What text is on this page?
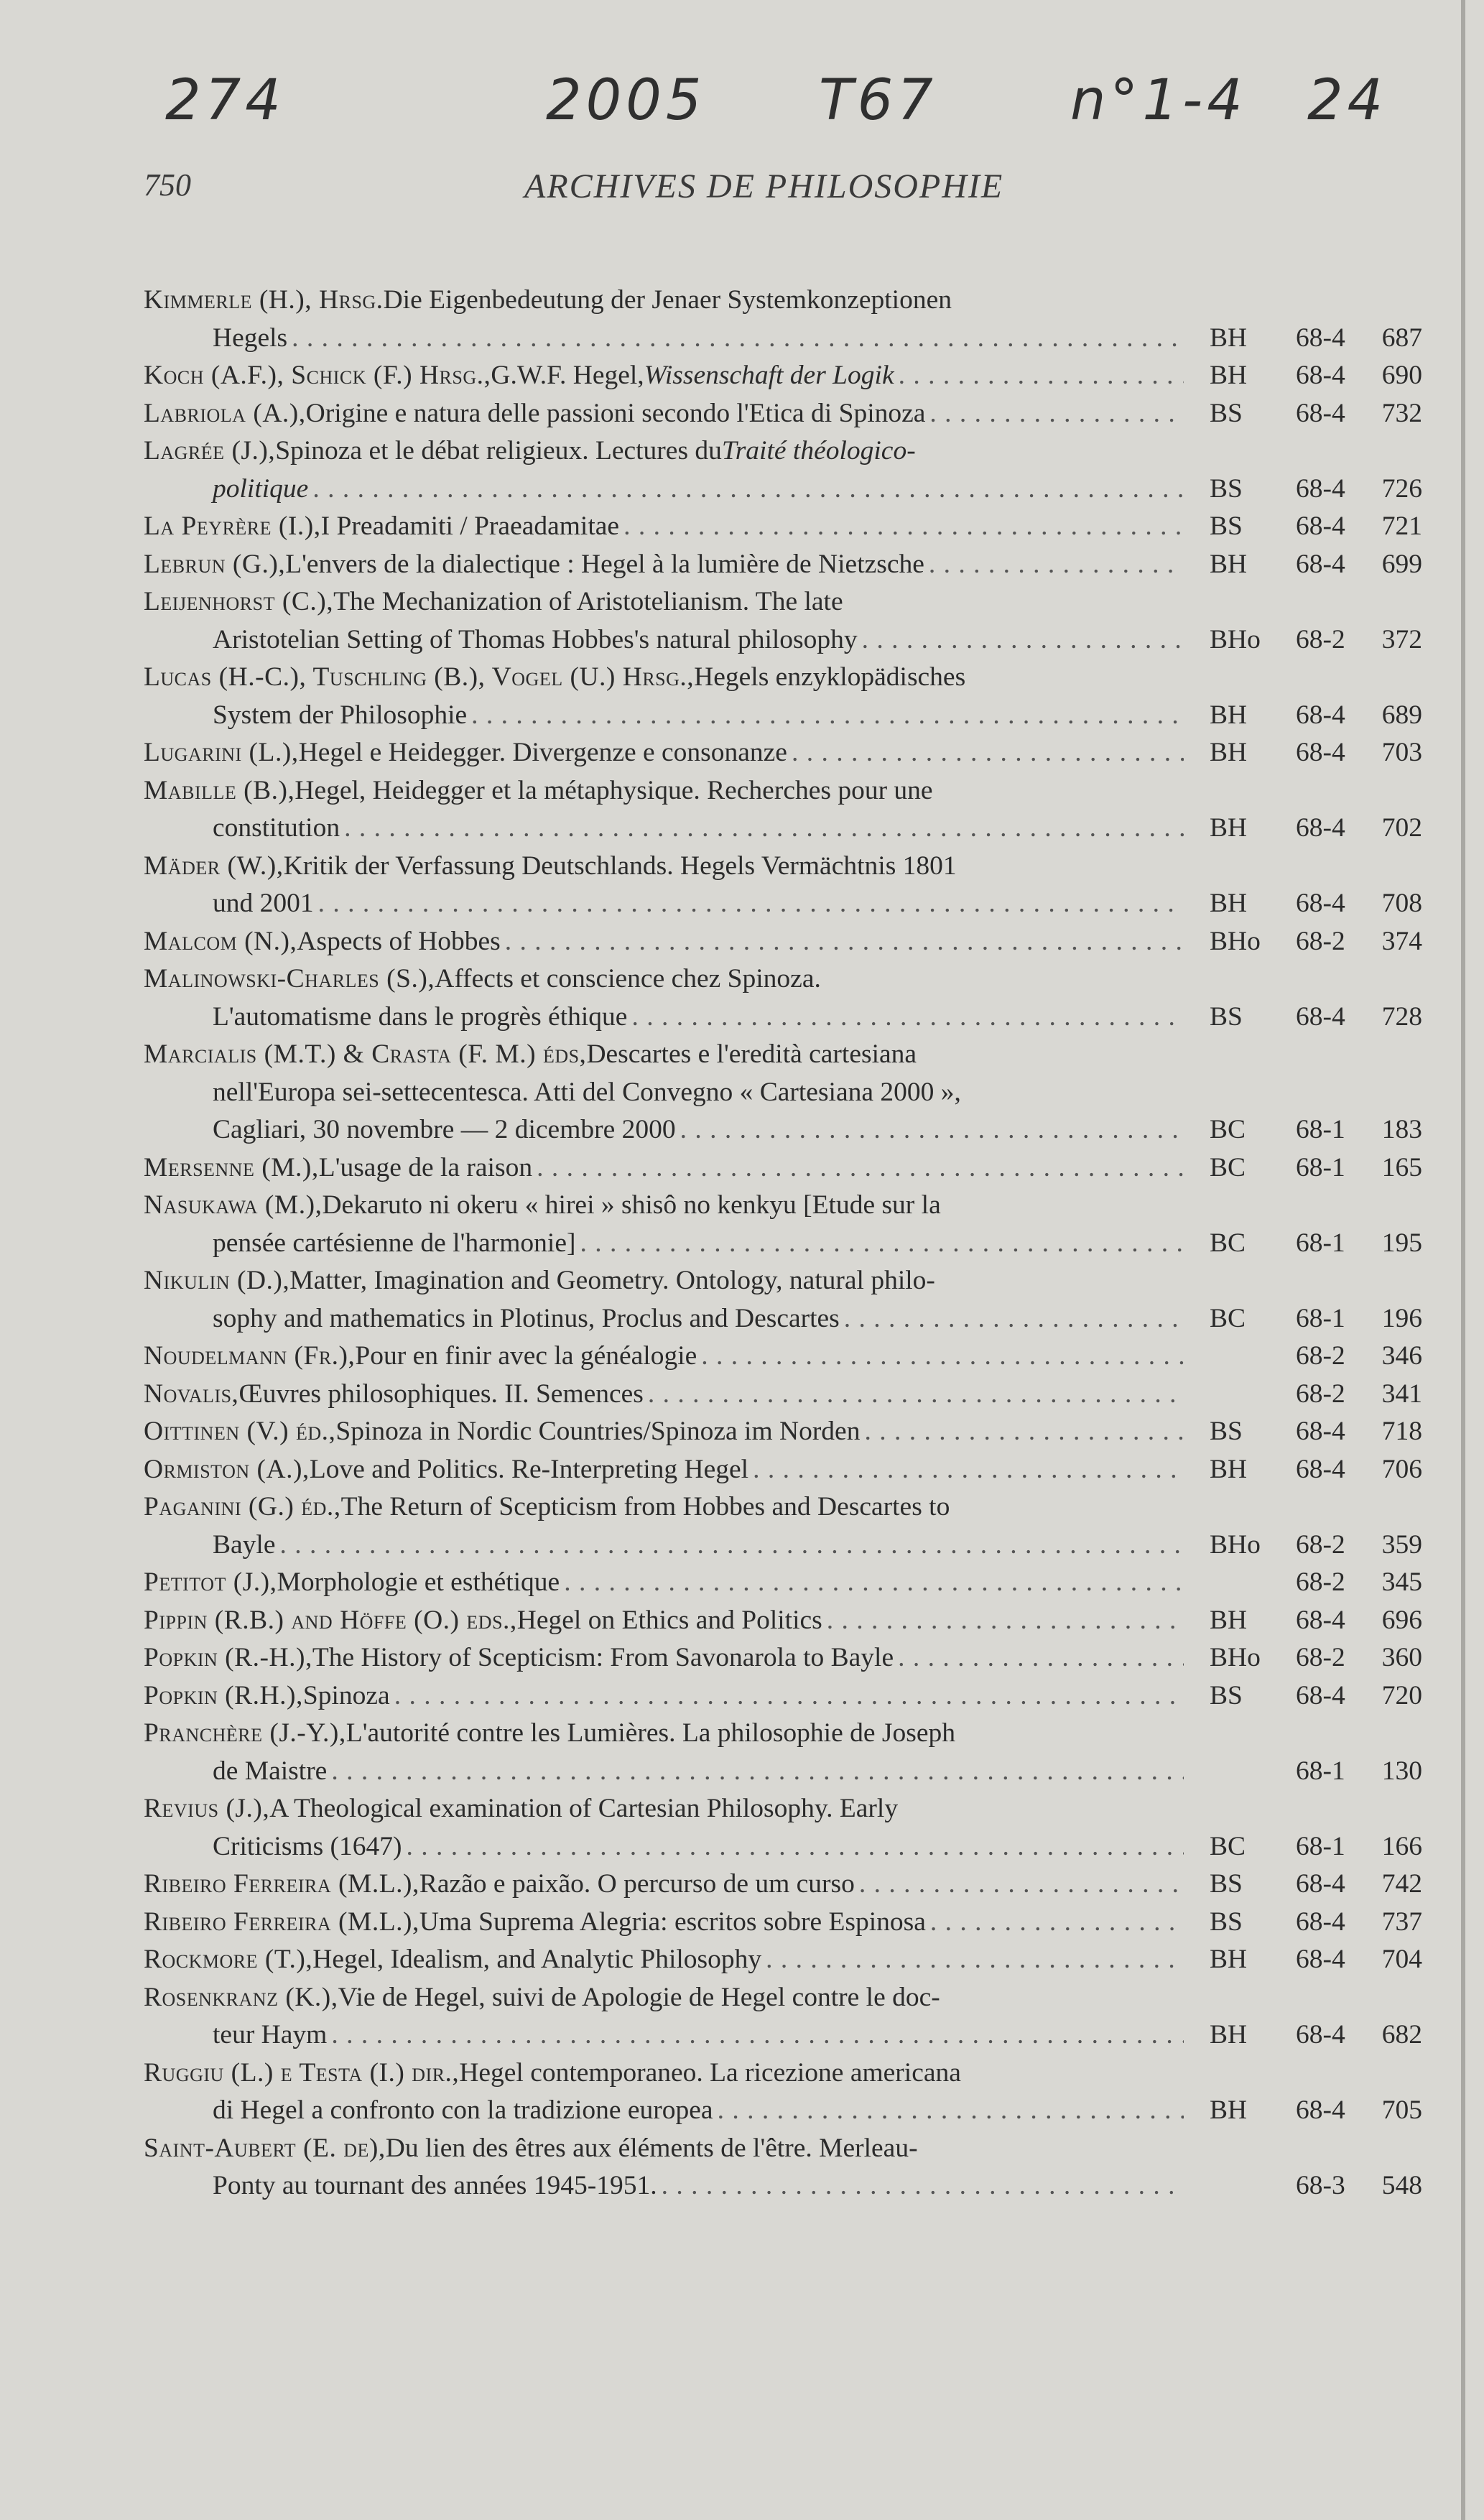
274	2005 T67 n°1-4 24
750	ARCHIVES DE PHILOSOPHIE
Kimmerle (H.), Hrsg. Die Eigenbedeutung der Jenaer Systemkonzeptionen
Hegels . . .	BH	68-4	687
Koch (A.F.), Schick (F.) Hrsg., G.W.F. Hegel, Wissenschaft der Logik . . .	BH	68-4	690
Labriola (A.), Origine e natura delle passioni secondo l'Etica di Spinoza . . .	BS	68-4	732
Lagrée (J.), Spinoza et le débat religieux. Lectures du Traité théologico-
politique . . .	BS	68-4	726
La Peyrère (I.), I Preadamiti / Praeadamitae . . .	BS	68-4	721
Lebrun (G.), L'envers de la dialectique : Hegel à la lumière de Nietzsche . . .	BH	68-4	699
Leijenhorst (C.), The Mechanization of Aristotelianism. The late
Aristotelian Setting of Thomas Hobbes's natural philosophy . . .	BHo	68-2	372
Lucas (H.-C.), Tuschling (B.), Vogel (U.) Hrsg., Hegels enzyklopädisches
System der Philosophie . . .	BH	68-4	689
Lugarini (L.), Hegel e Heidegger. Divergenze e consonanze . . .	BH	68-4	703
Mabille (B.), Hegel, Heidegger et la métaphysique. Recherches pour une
constitution . . .	BH	68-4	702
Mäder (W.), Kritik der Verfassung Deutschlands. Hegels Vermächtnis 1801
und 2001 . . .	BH	68-4	708
Malcom (N.), Aspects of Hobbes . . .	BHo	68-2	374
Malinowski-Charles (S.), Affects et conscience chez Spinoza.
L'automatisme dans le progrès éthique . . .	BS	68-4	728
Marcialis (M.T.) & Crasta (F. M.) éds, Descartes e l'eredità cartesiana
nell'Europa sei-settecentesca. Atti del Convegno « Cartesiana 2000 »,
Cagliari, 30 novembre — 2 dicembre 2000 . . .	BC	68-1	183
Mersenne (M.), L'usage de la raison . . .	BC	68-1	165
Nasukawa (M.), Dekaruto ni okeru « hirei » shisô no kenkyu [Etude sur la
pensée cartésienne de l'harmonie] . . .	BC	68-1	195
Nikulin (D.), Matter, Imagination and Geometry. Ontology, natural philo-
sophy and mathematics in Plotinus, Proclus and Descartes . . .	BC	68-1	196
Noudelmann (Fr.), Pour en finir avec la généalogie . . .	68-2	346
Novalis, Œuvres philosophiques. II. Semences . . .	68-2	341
Oittinen (V.) éd., Spinoza in Nordic Countries/Spinoza im Norden . . .	BS	68-4	718
Ormiston (A.), Love and Politics. Re-Interpreting Hegel . . .	BH	68-4	706
Paganini (G.) éd., The Return of Scepticism from Hobbes and Descartes to
Bayle . . .	BHo	68-2	359
Petitot (J.), Morphologie et esthétique . . .	68-2	345
Pippin (R.B.) and Höffe (O.) eds., Hegel on Ethics and Politics . . .	BH	68-4	696
Popkin (R.-H.), The History of Scepticism: From Savonarola to Bayle . . .	BHo	68-2	360
Popkin (R.H.), Spinoza . . .	BS	68-4	720
Pranchère (J.-Y.), L'autorité contre les Lumières. La philosophie de Joseph
de Maistre . . .	68-1	130
Revius (J.), A Theological examination of Cartesian Philosophy. Early
Criticisms (1647) . . .	BC	68-1	166
Ribeiro Ferreira (M.L.), Razão e paixão. O percurso de um curso . . .	BS	68-4	742
Ribeiro Ferreira (M.L.), Uma Suprema Alegria: escritos sobre Espinosa . . .	BS	68-4	737
Rockmore (T.), Hegel, Idealism, and Analytic Philosophy . . .	BH	68-4	704
Rosenkranz (K.), Vie de Hegel, suivi de Apologie de Hegel contre le doc-
teur Haym . . .	BH	68-4	682
Ruggiu (L.) e Testa (I.) dir., Hegel contemporaneo. La ricezione americana
di Hegel a confronto con la tradizione europea . . .	BH	68-4	705
Saint-Aubert (E. de), Du lien des êtres aux éléments de l'être. Merleau-
Ponty au tournant des années 1945-1951. . . .	68-3	548
